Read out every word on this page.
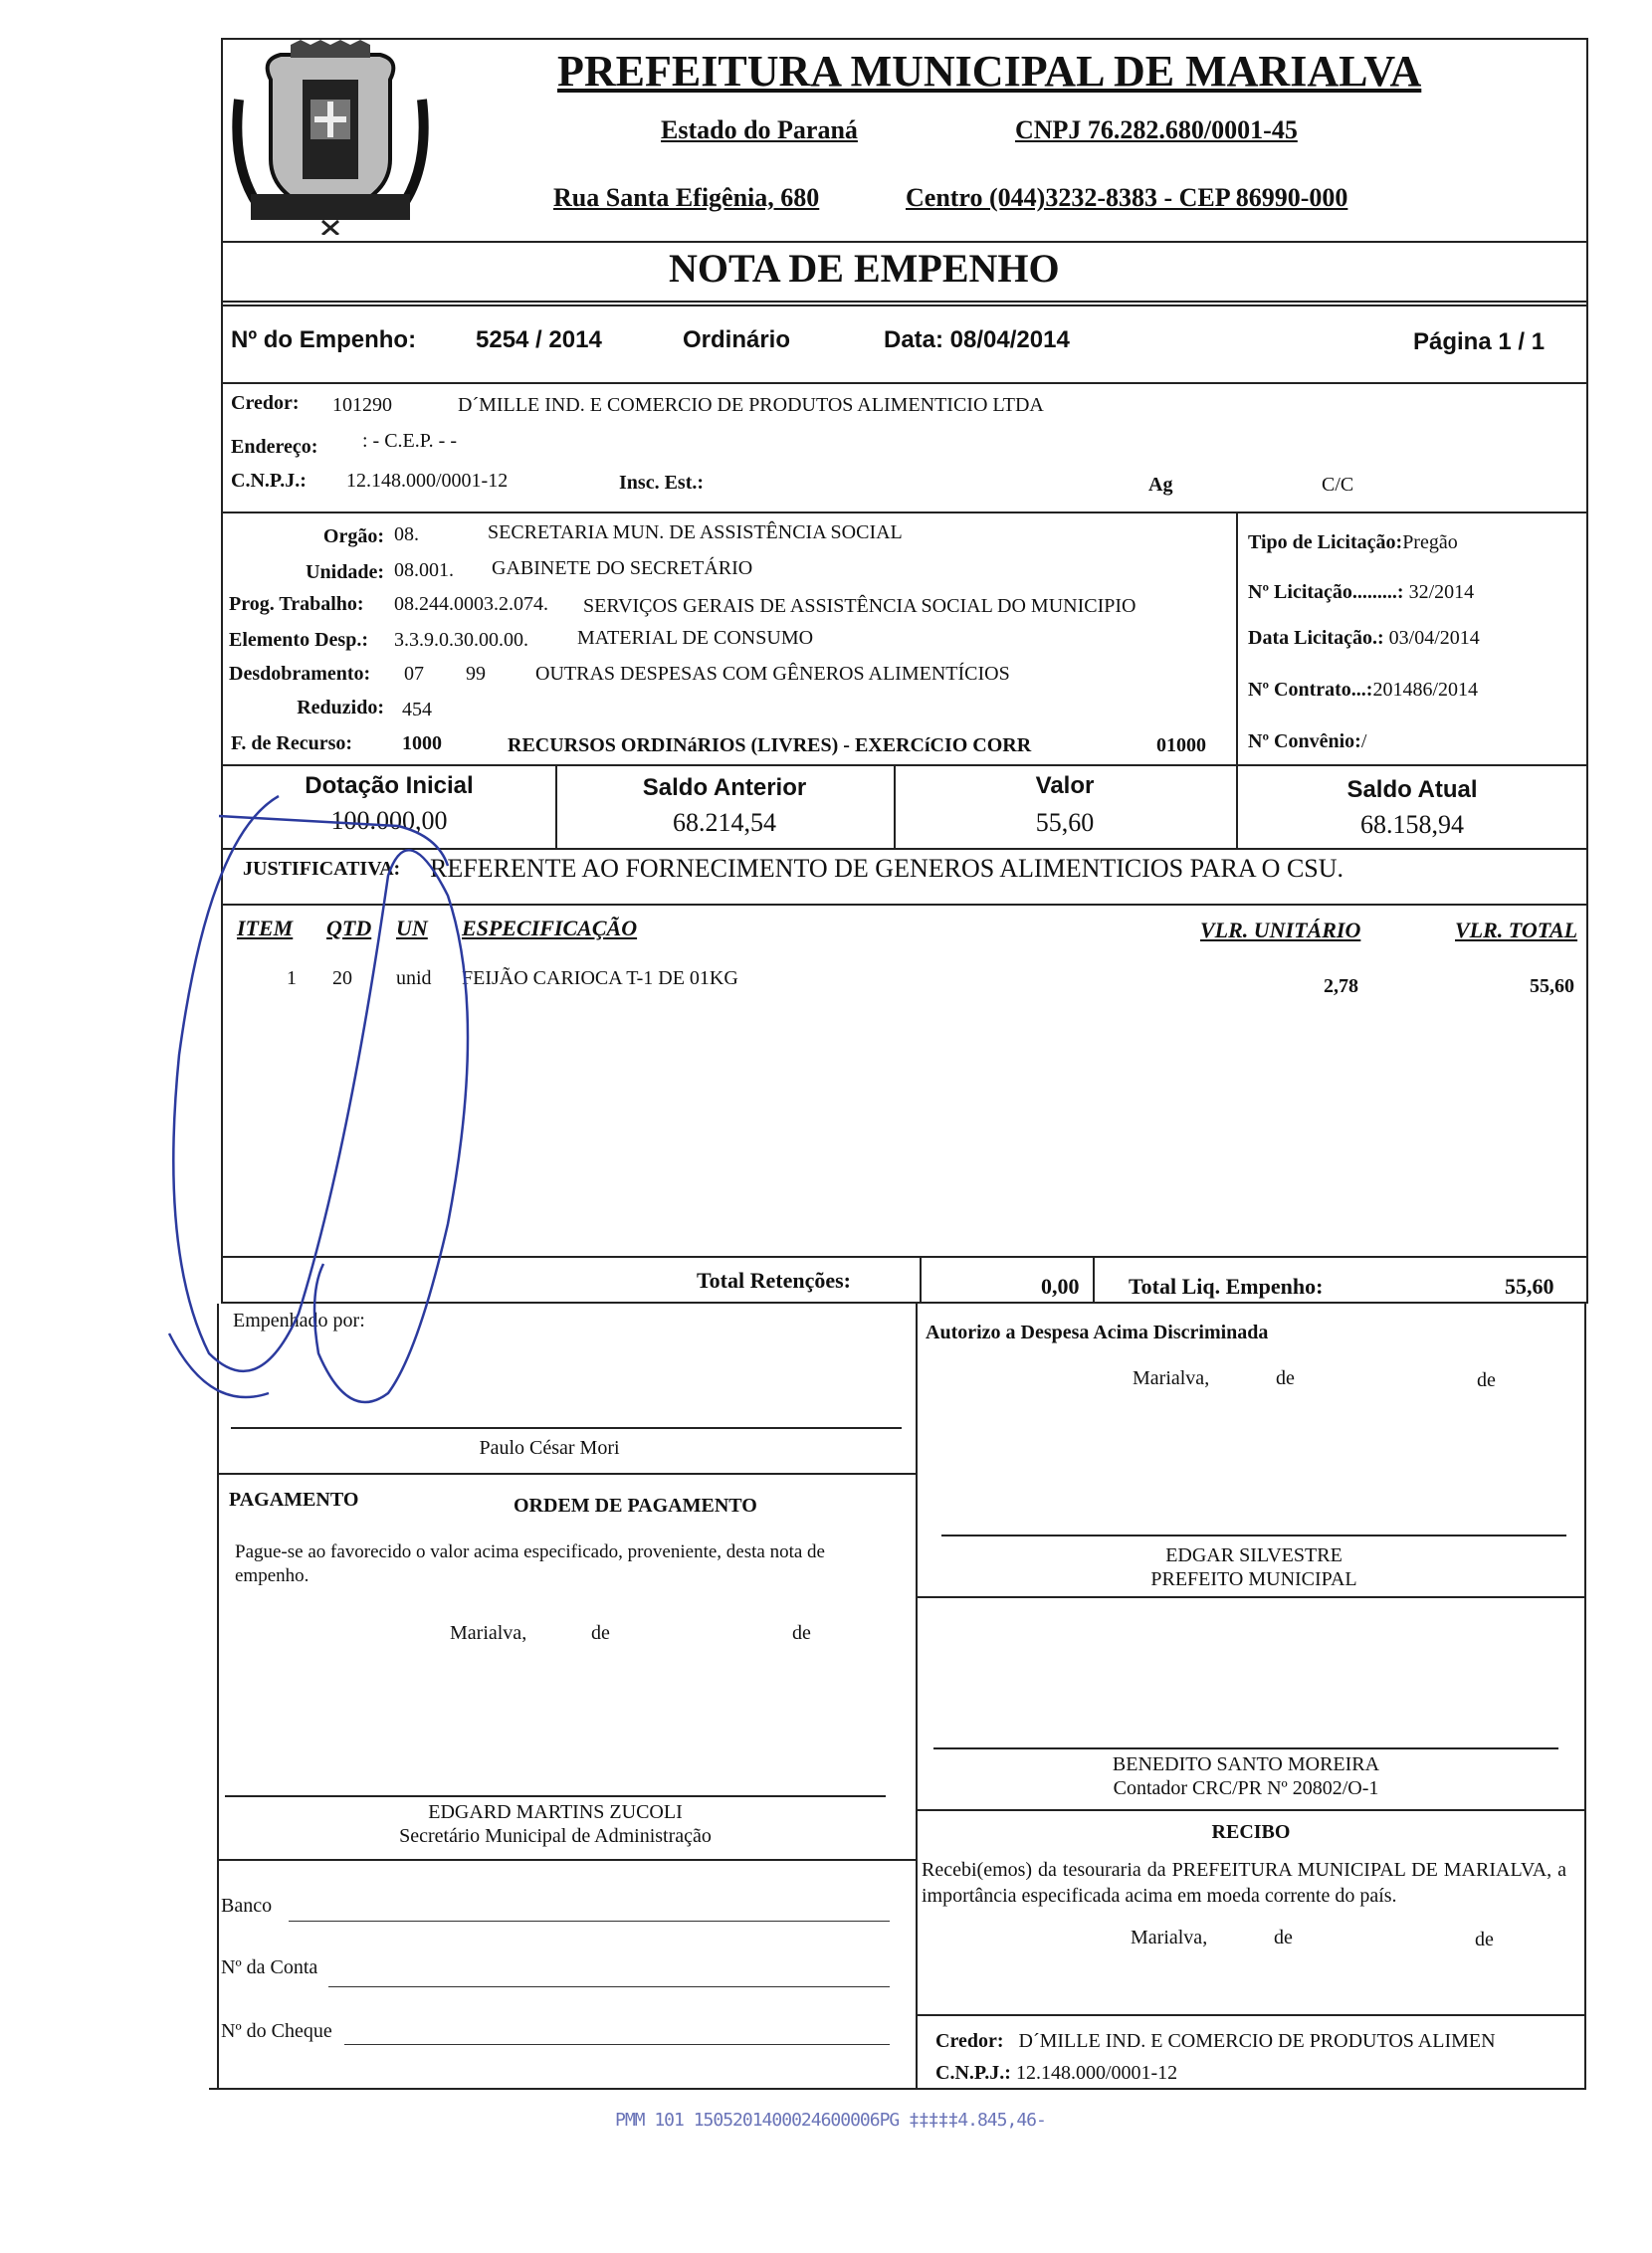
PREFEITURA MUNICIPAL DE MARIALVA
Estado do Paraná	CNPJ 76.282.680/0001-45
Rua Santa Efigênia, 680	Centro (044)3232-8383 - CEP 86990-000
NOTA DE EMPENHO
Nº do Empenho: 5254 / 2014	Ordinário	Data: 08/04/2014	Página 1 / 1
Credor: 101290	D´MILLE IND. E COMERCIO DE PRODUTOS ALIMENTICIO LTDA
Endereço: : - C.E.P. - -
C.N.P.J.: 12.148.000/0001-12	Insc. Est.:	Ag	C/C
Orgão: 08.	SECRETARIA MUN. DE ASSISTÊNCIA SOCIAL
Unidade: 08.001. GABINETE DO SECRETÁRIO
Prog. Trabalho: 08.244.0003.2.074. SERVIÇOS GERAIS DE ASSISTÊNCIA SOCIAL DO MUNICIPIO
Elemento Desp.: 3.3.9.0.30.00.00. MATERIAL DE CONSUMO
Desdobramento: 07 99	OUTRAS DESPESAS COM GÊNEROS ALIMENTÍCIOS
Reduzido: 454
F. de Recurso: 1000	RECURSOS ORDINáRIOS (LIVRES) - EXERCíCIO CORR	01000
Tipo de Licitação:Pregão
Nº Licitação.........: 32/2014
Data Licitação.: 03/04/2014
Nº Contrato...:201486/2014
Nº Convênio:/
Dotação Inicial
100.000,00
Saldo Anterior
68.214,54
Valor
55,60
Saldo Atual
68.158,94
JUSTIFICATIVA: REFERENTE AO FORNECIMENTO DE GENEROS ALIMENTICIOS PARA O CSU.
ITEM QTD UN ESPECIFICAÇÃO	VLR. UNITÁRIO	VLR. TOTAL
1 20 unid FEIJÃO CARIOCA T-1 DE 01KG	2,78	55,60
Total Retenções:	0,00 Total Liq. Empenho:	55,60
Empenhado por:
Paulo César Mori
Autorizo a Despesa Acima Discriminada
Marialva,	de	de
EDGAR SILVESTRE
PREFEITO MUNICIPAL
PAGAMENTO	ORDEM DE PAGAMENTO
Pague-se ao favorecido o valor acima especificado, proveniente, desta nota de empenho.
Marialva,	de	de
EDGARD MARTINS ZUCOLI
Secretário Municipal de Administração
BENEDITO SANTO MOREIRA
Contador CRC/PR Nº 20802/O-1
Banco
Nº da Conta
Nº do Cheque
RECIBO
Recebi(emos) da tesouraria da PREFEITURA MUNICIPAL DE MARIALVA, a importância especificada acima em moeda corrente do país.
Marialva,	de	de
Credor: D´MILLE IND. E COMERCIO DE PRODUTOS ALIMEN
C.N.P.J.: 12.148.000/0001-12
PMM 101 1505201400024600006PG ‡‡‡‡‡4.845,46-
